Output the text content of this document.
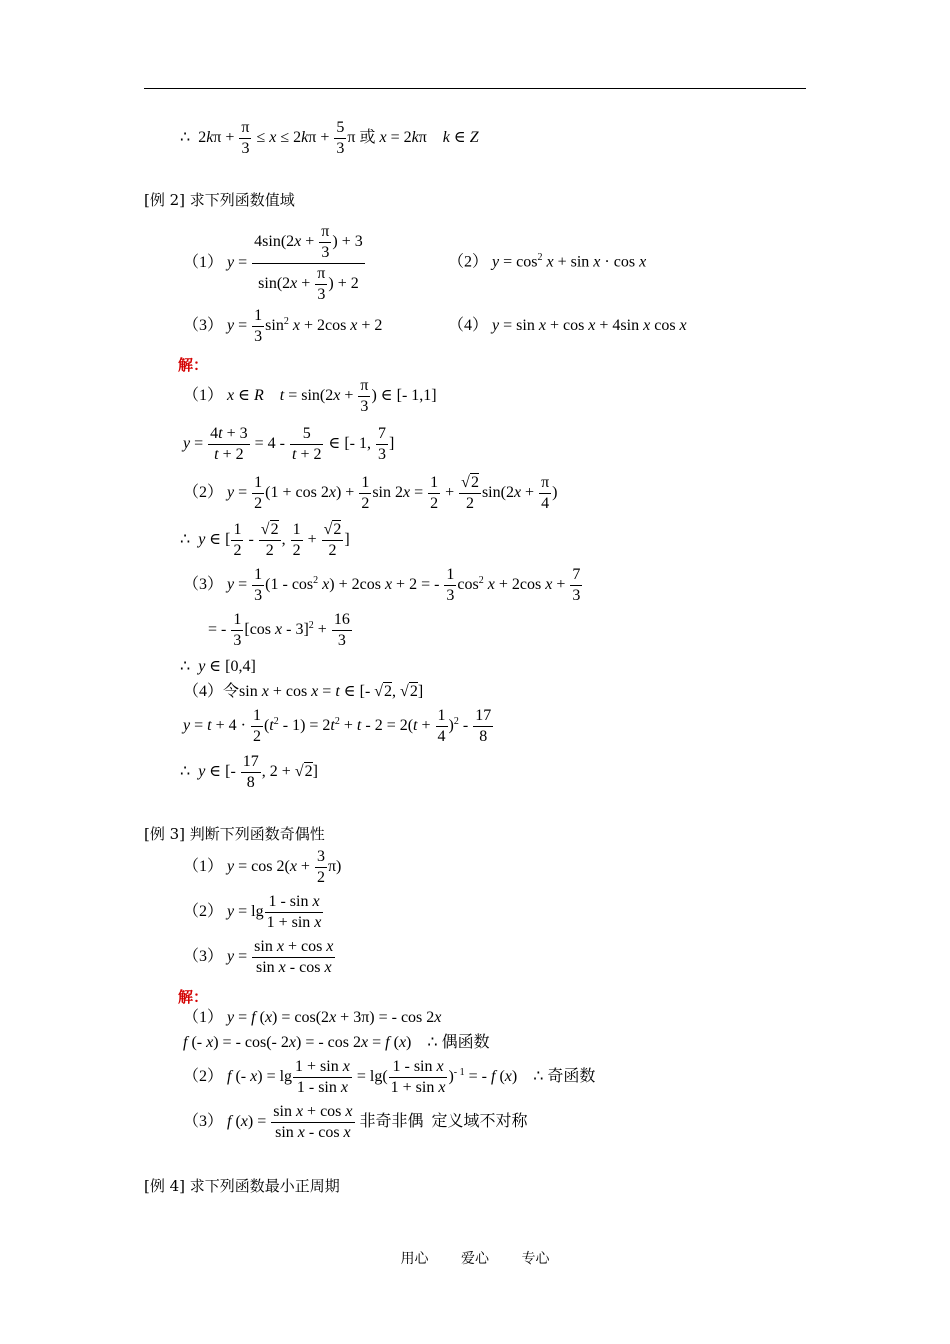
∴  $2k\pi + \frac{\pi}{3} \le x \le 2k\pi + \frac{5}{3}$ π 或 x = 2kπ    k ∈ Z
[例 2] 求下列函数值域
（1） $y = \frac{4\sin(2x + \frac{\pi}{3} ) + 3}{\sin(2x + \frac{\pi}{3} ) + 2}$	（2） $y = \cos^2 x + \sin x \cdot \cos x$
（3） $y = \frac{1}{3} \sin^2 x + 2\cos$ x + 2	（4） y = sin x + cos x + 4sin x cos x
解：
（1） x ∈ R $t = \sin(2x + \frac{\pi}{3}$ ) ∈ [- 1,1]
$y = \frac{4t + 3}{t + 2} = 4 - \frac{5}{t + 2}$ ∈ [- 1, $\frac{7}{3}$ ]
（2） $y = \frac{1}{2} (1 + \cos 2x) + \frac{1}{2}$ $\sin 2x = \frac{1}{2} + \frac{√2}{2} \sin(2x + \frac{\pi}{4}$ )
∴ y ∈ [ $\frac{1}{2} - \frac{√2}{2}$ , $\frac{1}{2} + \frac{√2}{2}$ ]
（3） $y = \frac{1}{3} (1 - \cos^2 x) + 2\cos$ x + 2 = - $\frac{1}{3} \cos^2 x + 2\cos$ $x + \frac{7}{3}$
= - $\frac{1}{3} [\cos$ $x - 3]^2 + \frac{16}{3}$
∴ y ∈ [0,4]
（4）令sin x + cos x = t ∈ [- √2, √2]
$y = t + 4 \cdot \frac{1}{2} (t^2 - 1) = 2t^2 + t - 2 = 2(t + \frac{1}{4} )^2 - \frac{17}{8}$
∴ y ∈ [- $\frac{17}{8}$ , 2 + √2]
[例 3] 判断下列函数奇偶性
（1） $y = \cos 2(x + \frac{3}{2} \pi)$
（2） $y = \lg \frac{\text{1 - sin x}}{\text{1 + sin x}}$
（3） $y = \frac{\text{sin x + cos x}}{\text{sin x - cos x}}$
解：
（1） y = f (x) = cos(2x + 3π) = - cos 2x
f (- x) = - cos(- 2x) = - cos 2x = f (x)    ∴ 偶函数
（2） f (- $x) = \lg \frac{\text{1 + sin x}}{\text{1 - sin x}} = \lg( \frac{\text{1 - sin x}}{\text{1 + sin x}} )^{- 1}$ = - f (x)    ∴ 奇函数
（3） f $(x) = \frac{\text{sin x + cos x}}{\text{sin x - cos x}}$ 非奇非偶 定义域不对称
[例 4] 求下列函数最小正周期
用心 爱心 专心
